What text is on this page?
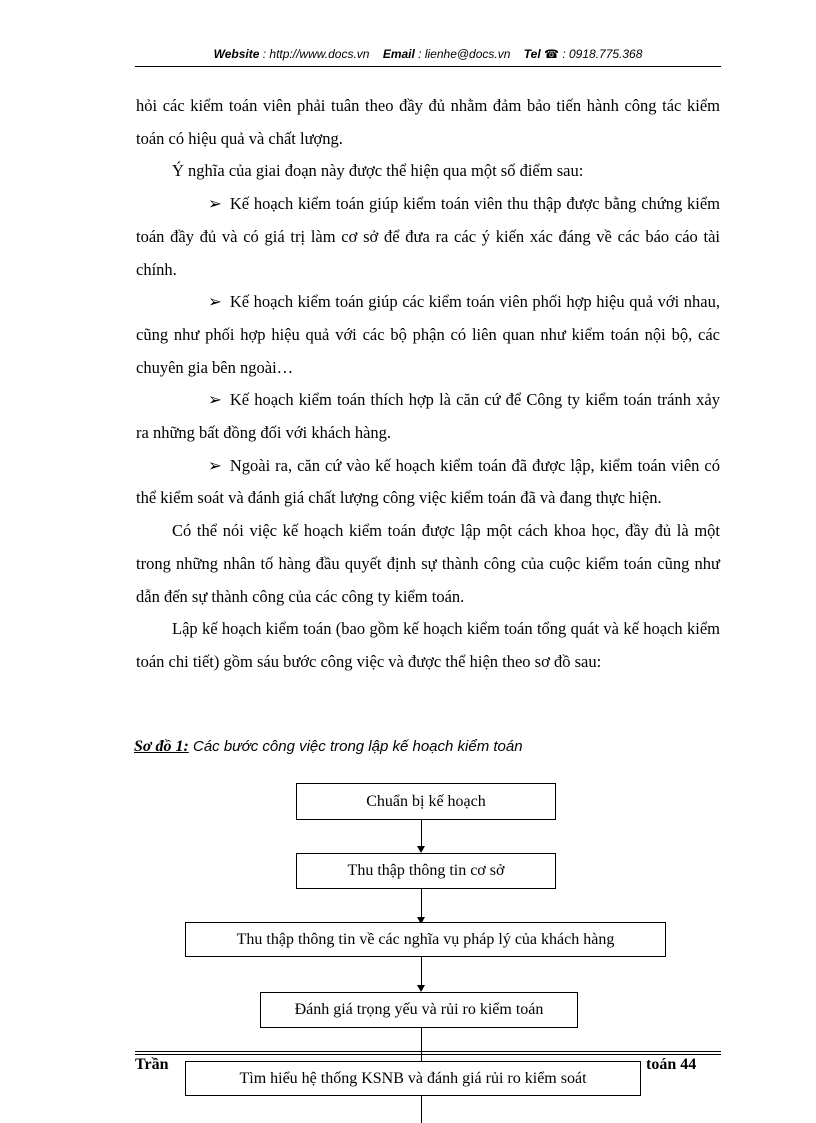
Website : http://www.docs.vn Email : lienhe@docs.vn Tel ☎ : 0918.775.368

hỏi các kiểm toán viên phải tuân theo đầy đủ nhằm đảm bảo tiến hành công tác kiểm toán có hiệu quả và chất lượng.

Ý nghĩa của giai đoạn này được thể hiện qua một số điểm sau:

➢ Kế hoạch kiểm toán giúp kiểm toán viên thu thập được bằng chứng kiểm toán đầy đủ và có giá trị làm cơ sở để đưa ra các ý kiến xác đáng về các báo cáo tài chính.

➢ Kế hoạch kiểm toán giúp các kiểm toán viên phối hợp hiệu quả với nhau, cũng như phối hợp hiệu quả với các bộ phận có liên quan như kiểm toán nội bộ, các chuyên gia bên ngoài…

➢ Kế hoạch kiểm toán thích hợp là căn cứ để Công ty kiểm toán tránh xảy ra những bất đồng đối với khách hàng.

➢ Ngoài ra, căn cứ vào kế hoạch kiểm toán đã được lập, kiểm toán viên có thể kiểm soát và đánh giá chất lượng công việc kiểm toán đã và đang thực hiện.

Có thể nói việc kế hoạch kiểm toán được lập một cách khoa học, đầy đủ là một trong những nhân tố hàng đầu quyết định sự thành công của cuộc kiểm toán cũng như dẫn đến sự thành công của các công ty kiểm toán.

Lập kế hoạch kiểm toán (bao gồm kế hoạch kiểm toán tổng quát và kế hoạch kiểm toán chi tiết) gồm sáu bước công việc và được thể hiện theo sơ đồ sau:

Sơ đồ 1: Các bước công việc trong lập kế hoạch kiểm toán
Chuẩn bị kế hoạch
Thu thập thông tin cơ sở
Thu thập thông tin về các nghĩa vụ pháp lý của khách hàng
Đánh giá trọng yếu và rủi ro kiểm toán
Trần	toán 44
Tìm hiểu hệ thống KSNB và đánh giá rủi ro kiểm soát
